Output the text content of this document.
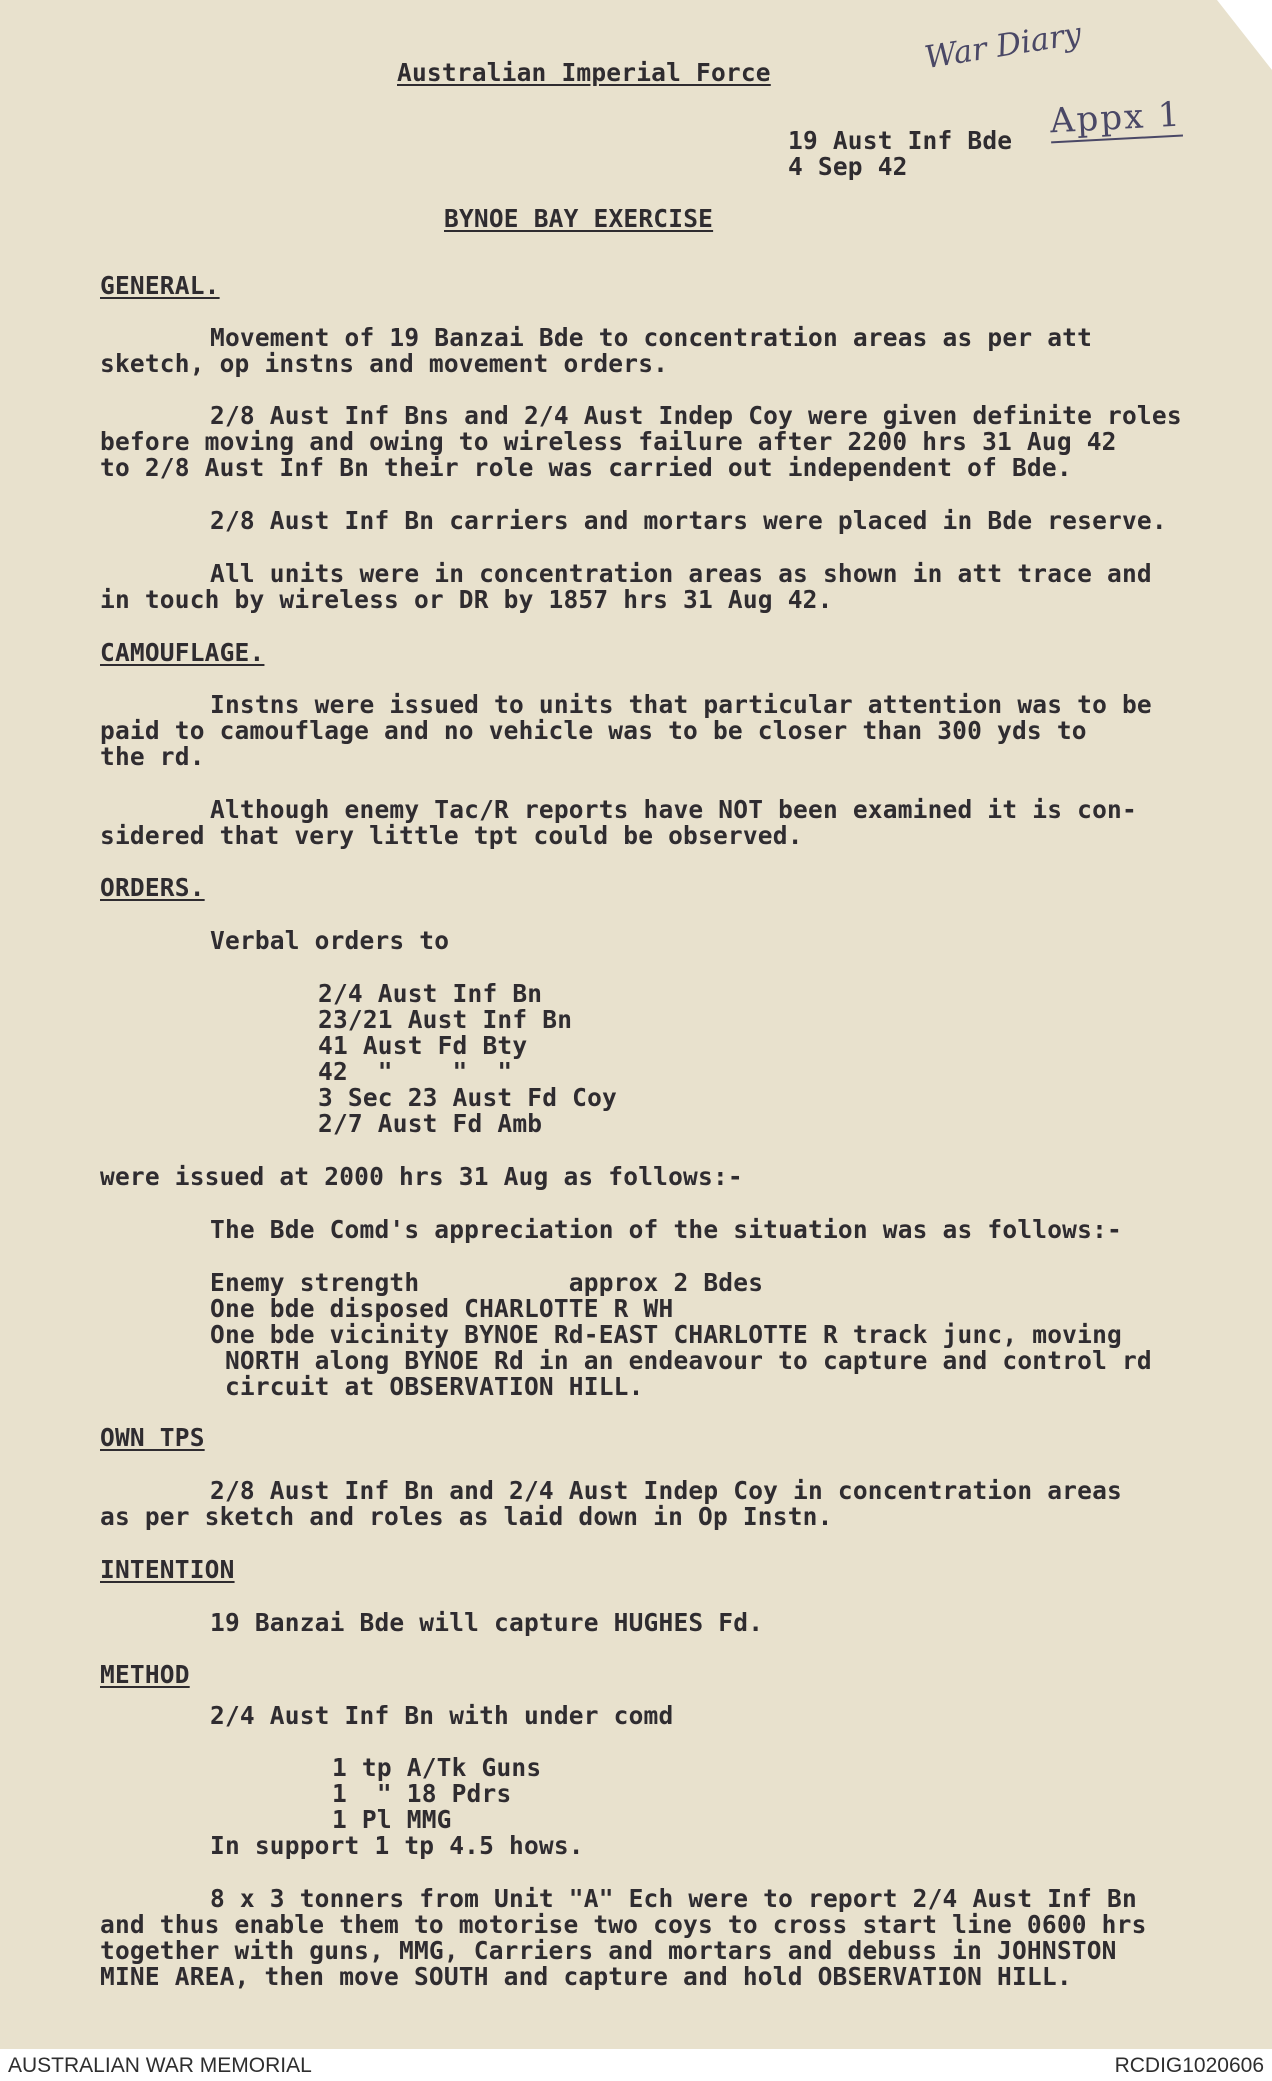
Australian Imperial Force	War Diary
Appx 1
19 Aust Inf Bde
4 Sep 42
BYNOE BAY EXERCISE
GENERAL.
Movement of 19 Banzai Bde to concentration areas as per att
sketch, op instns and movement orders.
2/8 Aust Inf Bns and 2/4 Aust Indep Coy were given definite roles
before moving and owing to wireless failure after 2200 hrs 31 Aug 42
to 2/8 Aust Inf Bn their role was carried out independent of Bde.
2/8 Aust Inf Bn carriers and mortars were placed in Bde reserve.
All units were in concentration areas as shown in att trace and
in touch by wireless or DR by 1857 hrs 31 Aug 42.
CAMOUFLAGE.
Instns were issued to units that particular attention was to be
paid to camouflage and no vehicle was to be closer than 300 yds to
the rd.
Although enemy Tac/R reports have NOT been examined it is con-
sidered that very little tpt could be observed.
ORDERS.
Verbal orders to
2/4 Aust Inf Bn
23/21 Aust Inf Bn
41 Aust Fd Bty
42  "    "  "
3 Sec 23 Aust Fd Coy
2/7 Aust Fd Amb
were issued at 2000 hrs 31 Aug as follows:-
The Bde Comd's appreciation of the situation was as follows:-
Enemy strength          approx 2 Bdes
One bde disposed CHARLOTTE R WH
One bde vicinity BYNOE Rd-EAST CHARLOTTE R track junc, moving
NORTH along BYNOE Rd in an endeavour to capture and control rd
circuit at OBSERVATION HILL.
OWN TPS
2/8 Aust Inf Bn and 2/4 Aust Indep Coy in concentration areas
as per sketch and roles as laid down in Op Instn.
INTENTION
19 Banzai Bde will capture HUGHES Fd.
METHOD
2/4 Aust Inf Bn with under comd
1 tp A/Tk Guns
1  " 18 Pdrs
1 Pl MMG
In support 1 tp 4.5 hows.
8 x 3 tonners from Unit "A" Ech were to report 2/4 Aust Inf Bn
and thus enable them to motorise two coys to cross start line 0600 hrs
together with guns, MMG, Carriers and mortars and debuss in JOHNSTON
MINE AREA, then move SOUTH and capture and hold OBSERVATION HILL.
AUSTRALIAN WAR MEMORIAL	RCDIG1020606
